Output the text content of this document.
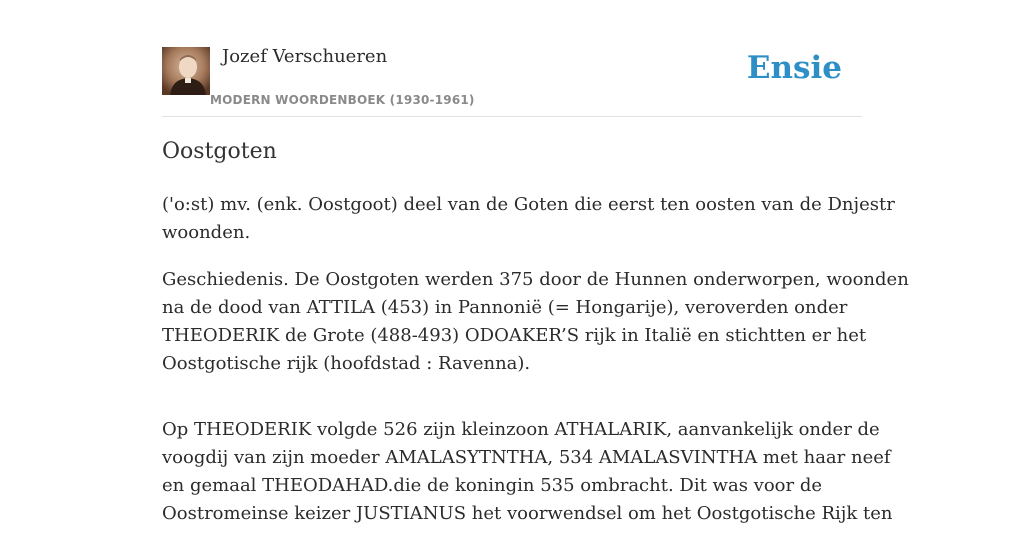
Jozef Verschueren
MODERN WOORDENBOEK (1930-1961)
Ensie
Oostgoten

('o:st) mv. (enk. Oostgoot) deel van de Goten die eerst ten oosten van de Dnjestr
woonden.

Geschiedenis. De Oostgoten werden 375 door de Hunnen onderworpen, woonden
na de dood van ATTILA (453) in Pannonië (= Hongarije), veroverden onder
THEODERIK de Grote (488-493) ODOAKER’S rijk in Italië en stichtten er het
Oostgotische rijk (hoofdstad : Ravenna).

Op THEODERIK volgde 526 zijn kleinzoon ATHALARIK, aanvankelijk onder de
voogdij van zijn moeder AMALASYTNTHA, 534 AMALASVINTHA met haar neef
en gemaal THEODAHAD.die de koningin 535 ombracht. Dit was voor de
Oostromeinse keizer JUSTIANUS het voorwendsel om het Oostgotische Rijk ten
